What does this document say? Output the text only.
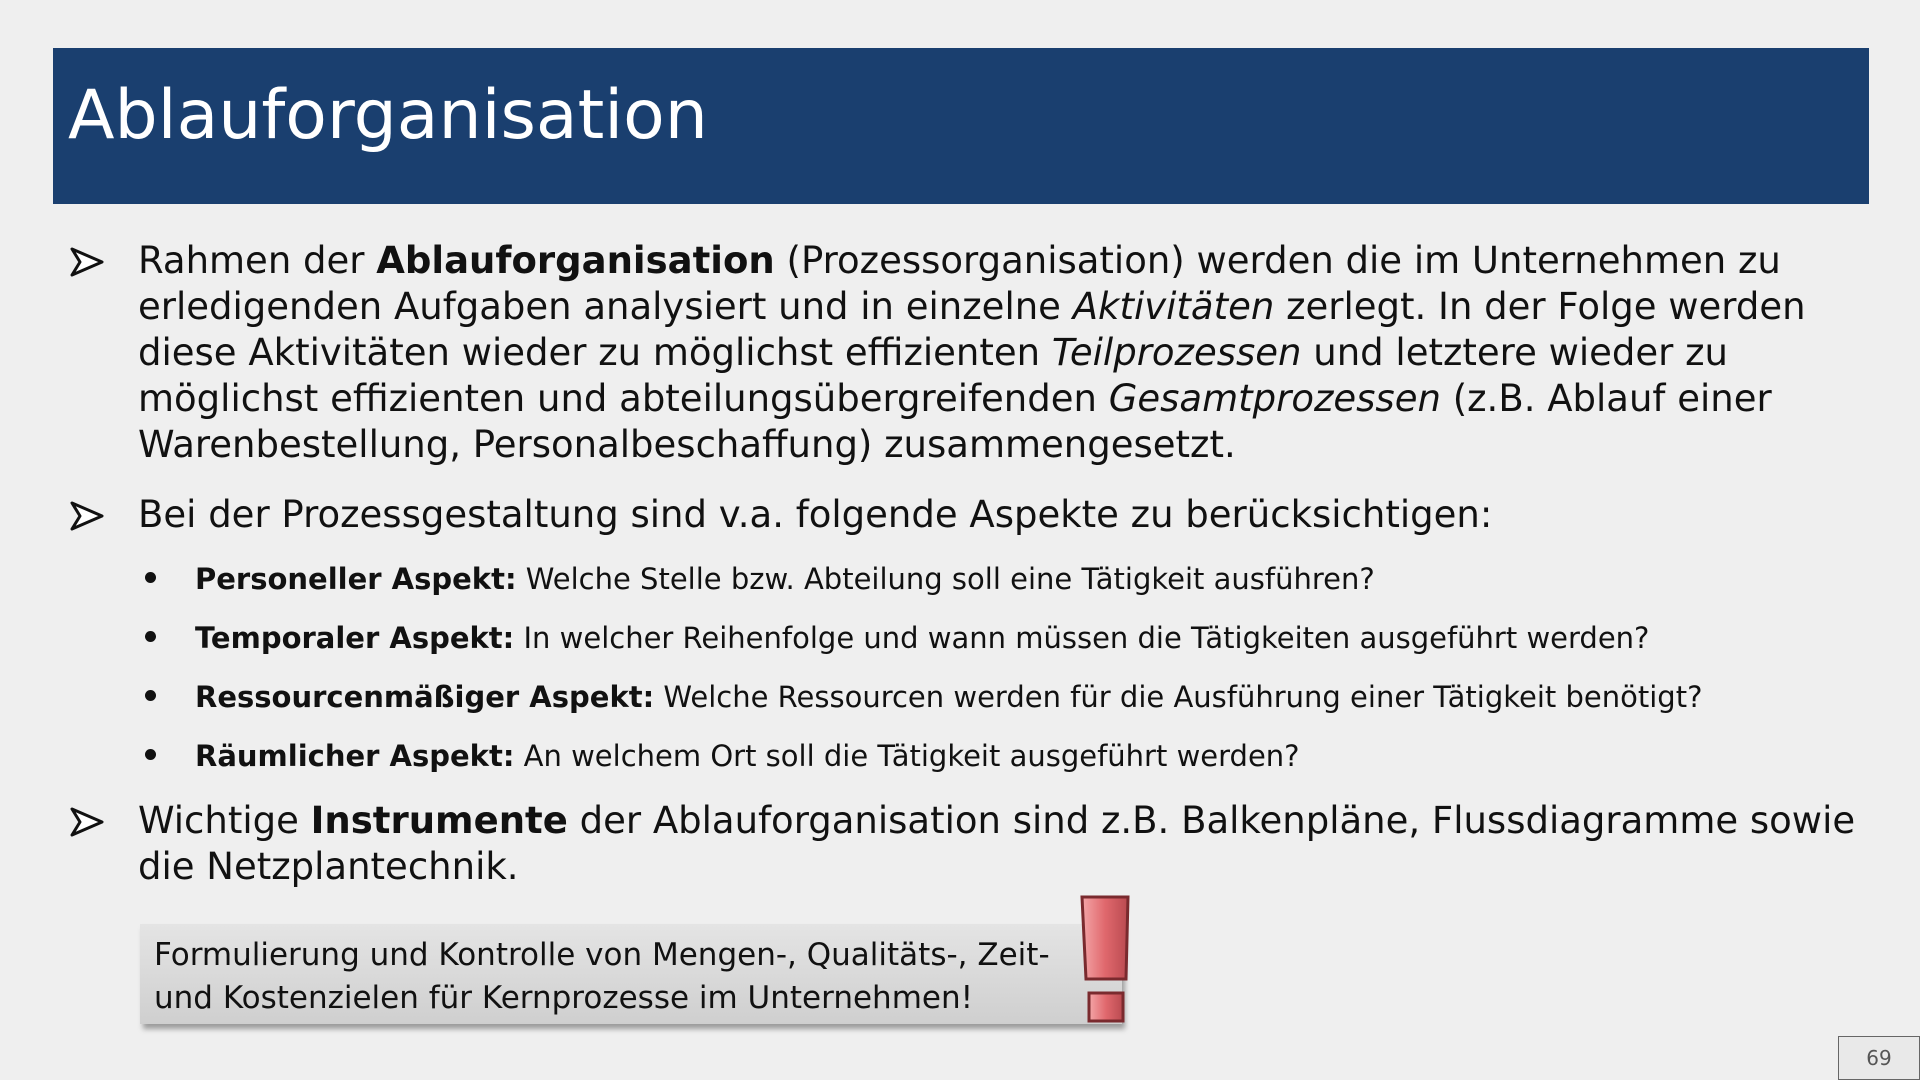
Ablauforganisation
Rahmen der Ablauforganisation (Prozessorganisation) werden die im Unternehmen zu erledigenden Aufgaben analysiert und in einzelne Aktivitäten zerlegt. In der Folge werden diese Aktivitäten wieder zu möglichst effizienten Teilprozessen und letztere wieder zu möglichst effizienten und abteilungsübergreifenden Gesamtprozessen (z.B. Ablauf einer Warenbestellung, Personalbeschaffung) zusammengesetzt.
Bei der Prozessgestaltung sind v.a. folgende Aspekte zu berücksichtigen:
Personeller Aspekt: Welche Stelle bzw. Abteilung soll eine Tätigkeit ausführen?
Temporaler Aspekt: In welcher Reihenfolge und wann müssen die Tätigkeiten ausgeführt werden?
Ressourcenmäßiger Aspekt: Welche Ressourcen werden für die Ausführung einer Tätigkeit benötigt?
Räumlicher Aspekt: An welchem Ort soll die Tätigkeit ausgeführt werden?
Wichtige Instrumente der Ablauforganisation sind z.B. Balkenpläne, Flussdiagramme sowie die Netzplantechnik.
Formulierung und Kontrolle von Mengen-, Qualitäts-, Zeit- und Kostenzielen für Kernprozesse im Unternehmen!
69
